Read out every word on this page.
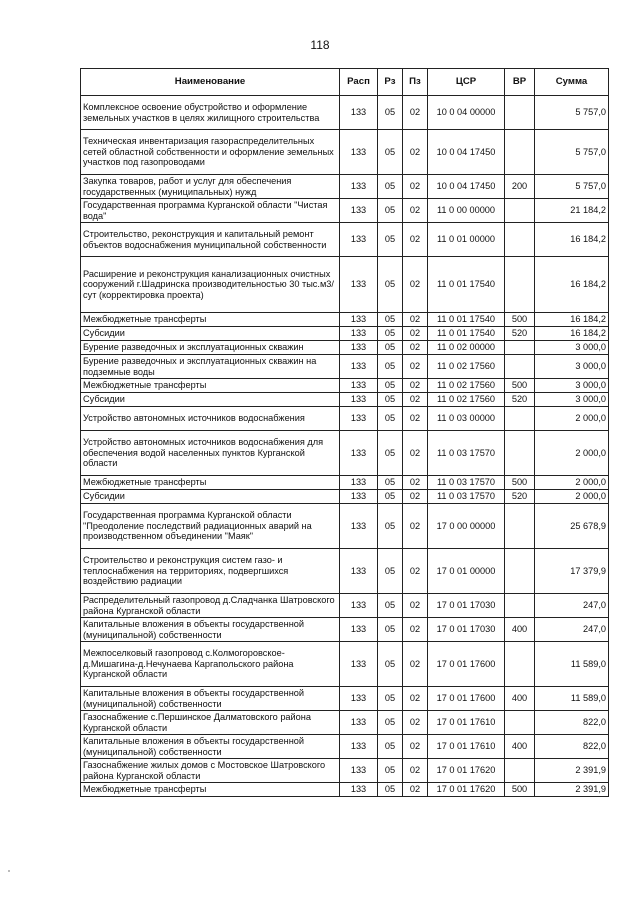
118
Наименование	Расп	Рз	Пз	ЦСР	ВР	Сумма
Комплексное освоение обустройство и оформление земельных участков в целях жилищного строительства	133	05	02	10 0 04 00000		5 757,0
Техническая инвентаризация газораспределительных сетей областной собственности и оформление земельных участков под газопроводами	133	05	02	10 0 04 17450		5 757,0
Закупка товаров, работ и услуг для обеспечения государственных (муниципальных) нужд	133	05	02	10 0 04 17450	200	5 757,0
Государственная программа Курганской области "Чистая вода"	133	05	02	11 0 00 00000		21 184,2
Строительство, реконструкция и капитальный ремонт объектов водоснабжения муниципальной собственности	133	05	02	11 0 01 00000		16 184,2
Расширение и реконструкция канализационных очистных сооружений г.Шадринска производительностью 30 тыс.м3/сут (корректировка проекта)	133	05	02	11 0 01 17540		16 184,2
Межбюджетные трансферты	133	05	02	11 0 01 17540	500	16 184,2
Субсидии	133	05	02	11 0 01 17540	520	16 184,2
Бурение разведочных и эксплуатационных скважин	133	05	02	11 0 02 00000		3 000,0
Бурение разведочных и эксплуатационных скважин на подземные воды	133	05	02	11 0 02 17560		3 000,0
Межбюджетные трансферты	133	05	02	11 0 02 17560	500	3 000,0
Субсидии	133	05	02	11 0 02 17560	520	3 000,0
Устройство автономных источников водоснабжения	133	05	02	11 0 03 00000		2 000,0
Устройство автономных источников водоснабжения для обеспечения водой населенных пунктов Курганской области	133	05	02	11 0 03 17570		2 000,0
Межбюджетные трансферты	133	05	02	11 0 03 17570	500	2 000,0
Субсидии	133	05	02	11 0 03 17570	520	2 000,0
Государственная программа Курганской области "Преодоление последствий радиационных аварий на производственном объединении "Маяк"	133	05	02	17 0 00 00000		25 678,9
Строительство и реконструкция систем газо- и теплоснабжения на территориях, подвергшихся воздействию радиации	133	05	02	17 0 01 00000		17 379,9
Распределительный газопровод д.Сладчанка Шатровского района Курганской области	133	05	02	17 0 01 17030		247,0
Капитальные вложения в объекты государственной (муниципальной) собственности	133	05	02	17 0 01 17030	400	247,0
Межпоселковый газопровод с.Колмогоровское-д.Мишагина-д.Нечунаева Каргапольского района Курганской области	133	05	02	17 0 01 17600		11 589,0
Капитальные вложения в объекты государственной (муниципальной) собственности	133	05	02	17 0 01 17600	400	11 589,0
Газоснабжение с.Першинское Далматовского района Курганской области	133	05	02	17 0 01 17610		822,0
Капитальные вложения в объекты государственной (муниципальной) собственности	133	05	02	17 0 01 17610	400	822,0
Газоснабжение жилых домов с Мостовское Шатровского района Курганской области	133	05	02	17 0 01 17620		2 391,9
Межбюджетные трансферты	133	05	02	17 0 01 17620	500	2 391,9
